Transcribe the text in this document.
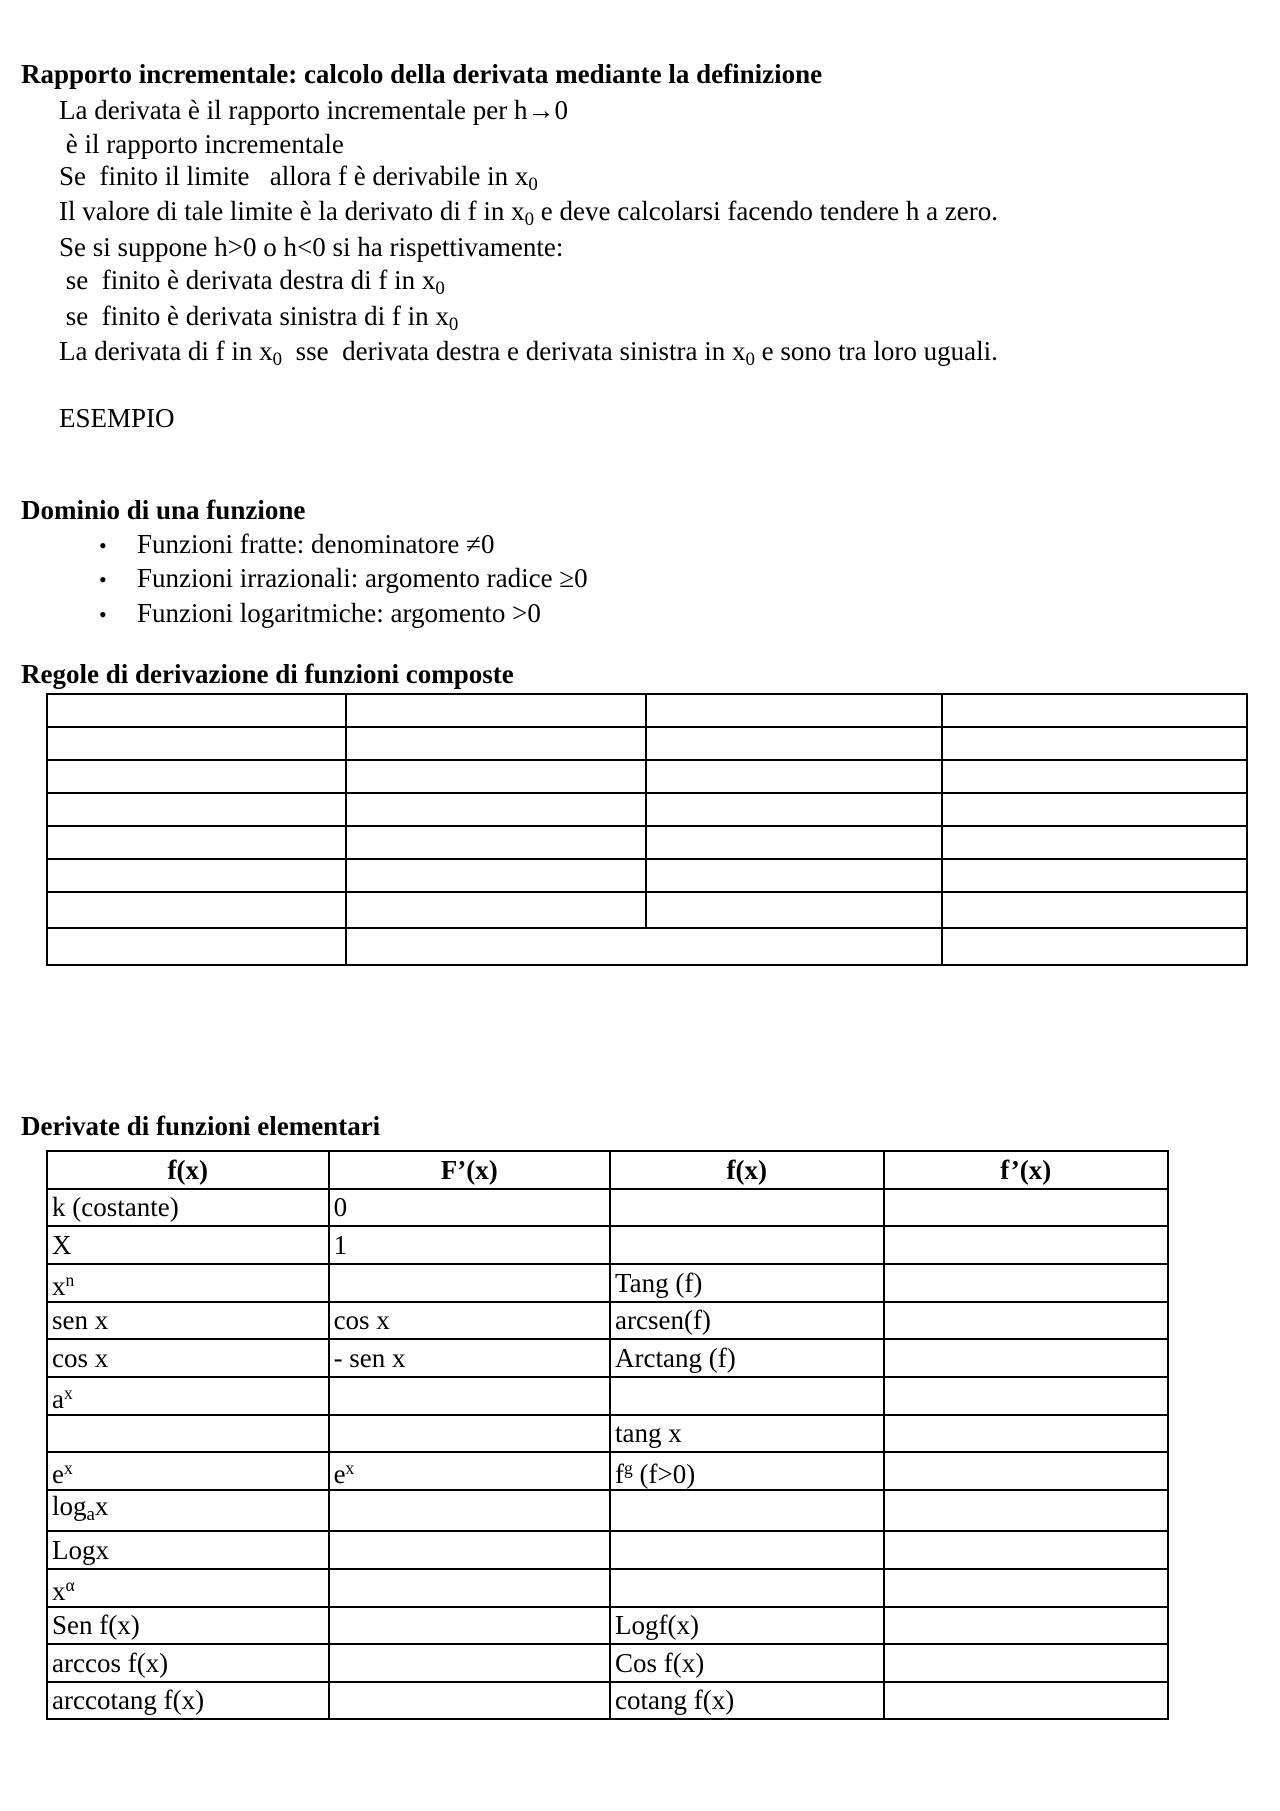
Rapporto incrementale: calcolo della derivata mediante la definizione
La derivata è il rapporto incrementale per h→0
è il rapporto incrementale
Se  finito il limite   allora f è derivabile in $x_0$
Il valore di tale limite è la derivato di f in $x_0$ e deve calcolarsi facendo tendere h a zero.
Se si suppone h>0 o h<0 si ha rispettivamente:
se  finito è derivata destra di f in $x_0$
se  finito è derivata sinistra di f in $x_0$
La derivata di f in $x_0$  sse  derivata destra e derivata sinistra in $x_0$ e sono tra loro uguali.
ESEMPIO
Dominio di una funzione
• Funzioni fratte: denominatore ≠0
• Funzioni irrazionali: argomento radice ≥0
• Funzioni logaritmiche: argomento >0
Regole di derivazione di funzioni composte
Derivate di funzioni elementari
f(x)	F’(x)	f(x)	f’(x)
k (costante)	0		
X	1		
$x^n$		Tang (f)	
sen x	cos x	arcsen(f)	
cos x	- sen x	Arctang (f)	
$a^x$			
		tang x	
$e^x$	$e^x$	$f^g$ (f>0)	
$\log_ax$			
Logx			
$x^\alpha$			
Sen f(x)		Logf(x)	
arccos f(x)		Cos f(x)	
arccotang f(x)		cotang f(x)	
